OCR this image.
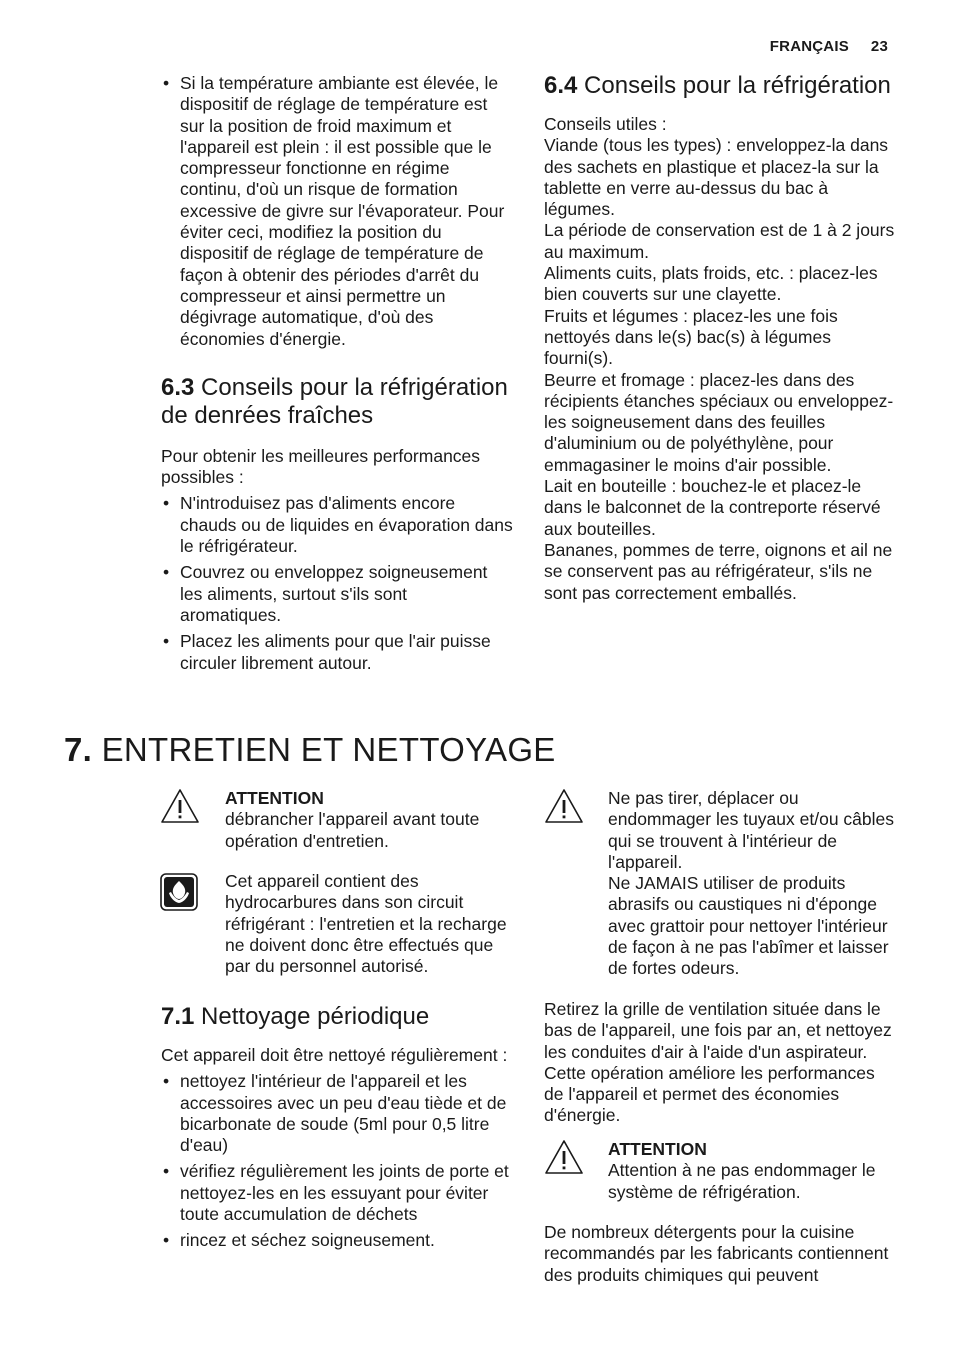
FRANÇAIS 23
• Si la température ambiante est élevée, le dispositif de réglage de température est sur la position de froid maximum et l'appareil est plein : il est possible que le compresseur fonctionne en régime continu, d'où un risque de formation excessive de givre sur l'évaporateur. Pour éviter ceci, modifiez la position du dispositif de réglage de température de façon à obtenir des périodes d'arrêt du compresseur et ainsi permettre un dégivrage automatique, d'où des économies d'énergie.
6.3 Conseils pour la réfrigération de denrées fraîches

Pour obtenir les meilleures performances possibles :

• N'introduisez pas d'aliments encore chauds ou de liquides en évaporation dans le réfrigérateur.
• Couvrez ou enveloppez soigneusement les aliments, surtout s'ils sont aromatiques.
• Placez les aliments pour que l'air puisse circuler librement autour.
6.4 Conseils pour la réfrigération

Conseils utiles :

Viande (tous les types) : enveloppez-la dans des sachets en plastique et placez-la sur la tablette en verre au-dessus du bac à légumes.

La période de conservation est de 1 à 2 jours au maximum.

Aliments cuits, plats froids, etc. : placez-les bien couverts sur une clayette.

Fruits et légumes : placez-les une fois nettoyés dans le(s) bac(s) à légumes fourni(s).

Beurre et fromage : placez-les dans des récipients étanches spéciaux ou enveloppez-les soigneusement dans des feuilles d'aluminium ou de polyéthylène, pour emmagasiner le moins d'air possible.

Lait en bouteille : bouchez-le et placez-le dans le balconnet de la contreporte réservé aux bouteilles.

Bananes, pommes de terre, oignons et ail ne se conservent pas au réfrigérateur, s'ils ne sont pas correctement emballés.

7. ENTRETIEN ET NETTOYAGE

ATTENTION

débrancher l'appareil avant toute opération d'entretien.

Cet appareil contient des hydrocarbures dans son circuit réfrigérant : l'entretien et la recharge ne doivent donc être effectués que par du personnel autorisé.

7.1 Nettoyage périodique

Cet appareil doit être nettoyé régulièrement :

• nettoyez l'intérieur de l'appareil et les accessoires avec un peu d'eau tiède et de bicarbonate de soude (5ml pour 0,5 litre d'eau)
• vérifiez régulièrement les joints de porte et nettoyez-les en les essuyant pour éviter toute accumulation de déchets
• rincez et séchez soigneusement.

Ne pas tirer, déplacer ou endommager les tuyaux et/ou câbles qui se trouvent à l'intérieur de l'appareil.

Ne JAMAIS utiliser de produits abrasifs ou caustiques ni d'éponge avec grattoir pour nettoyer l'intérieur de façon à ne pas l'abîmer et laisser de fortes odeurs.

Retirez la grille de ventilation située dans le bas de l'appareil, une fois par an, et nettoyez les conduites d'air à l'aide d'un aspirateur. Cette opération améliore les performances de l'appareil et permet des économies d'énergie.

ATTENTION

Attention à ne pas endommager le système de réfrigération.

De nombreux détergents pour la cuisine recommandés par les fabricants contiennent des produits chimiques qui peuvent
